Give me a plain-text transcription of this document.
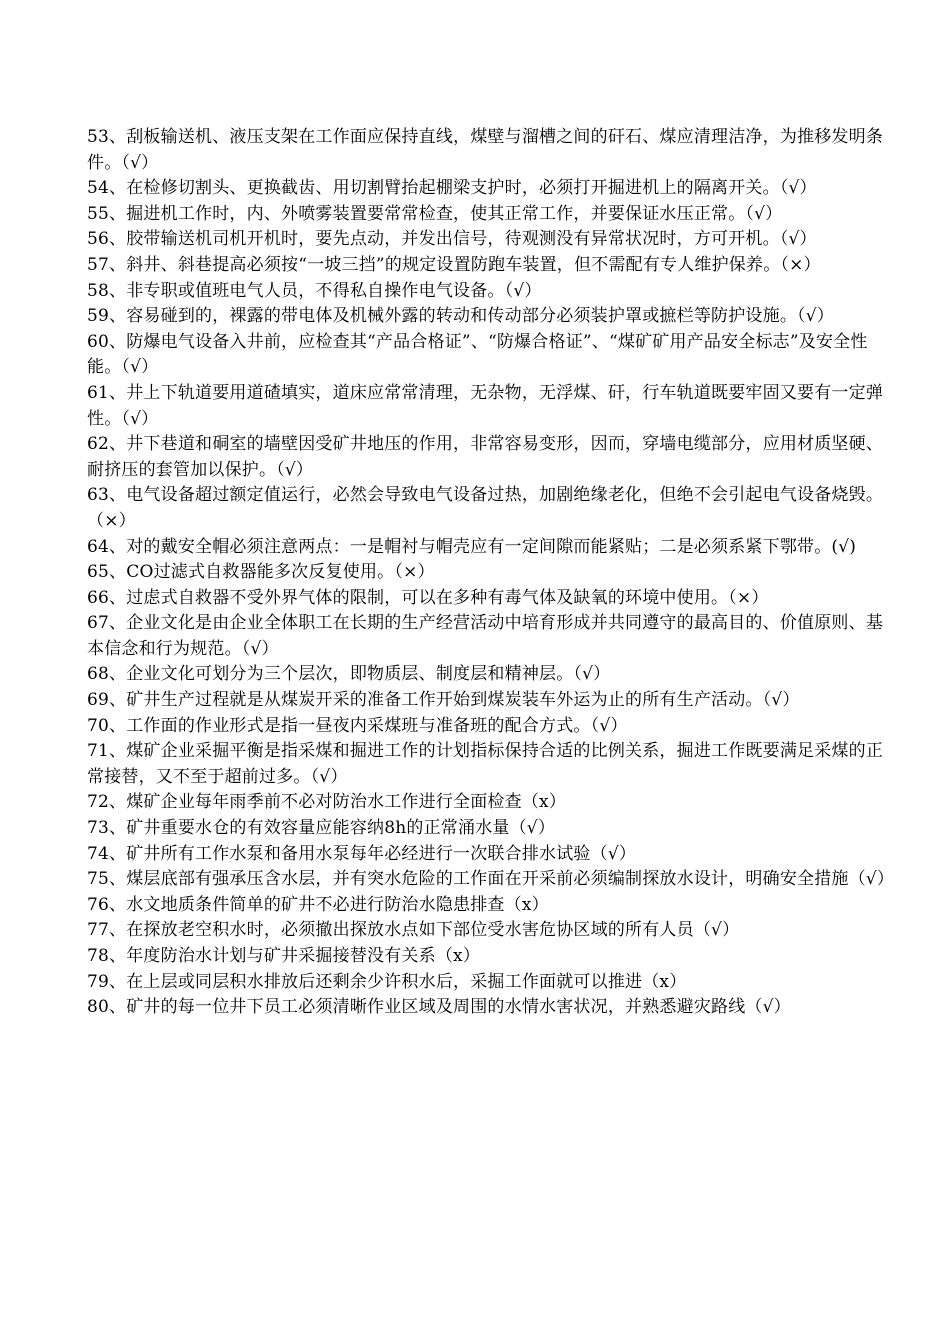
53、刮板输送机、液压支架在工作面应保持直线，煤壁与溜槽之间的矸石、煤应清理洁净，为推移发明条件。（√）

54、在检修切割头、更换截齿、用切割臂抬起棚梁支护时，必须打开掘进机上的隔离开关。（√）

55、掘进机工作时，内、外喷雾装置要常常检查，使其正常工作，并要保证水压正常。（√）

56、胶带输送机司机开机时，要先点动，并发出信号，待观测没有异常状况时，方可开机。（√）

57、斜井、斜巷提高必须按“一坡三挡”的规定设置防跑车装置，但不需配有专人维护保养。（×）

58、非专职或值班电气人员，不得私自操作电气设备。（√）

59、容易碰到的，裸露的带电体及机械外露的转动和传动部分必须装护罩或摭栏等防护设施。（√）

60、防爆电气设备入井前，应检查其“产品合格证”、“防爆合格证”、“煤矿矿用产品安全标志”及安全性能。（√）

61、井上下轨道要用道碴填实，道床应常常清理，无杂物，无浮煤、矸，行车轨道既要牢固又要有一定弹性。（√）

62、井下巷道和硐室的墙壁因受矿井地压的作用，非常容易变形，因而，穿墙电缆部分，应用材质坚硬、耐挤压的套管加以保护。（√）

63、电气设备超过额定值运行，必然会导致电气设备过热，加剧绝缘老化，但绝不会引起电气设备烧毁。（×）

64、对的戴安全帽必须注意两点：一是帽衬与帽壳应有一定间隙而能紧贴；二是必须系紧下鄂带。(√)

65、CO过滤式自救器能多次反复使用。（×）

66、过虑式自救器不受外界气体的限制，可以在多种有毒气体及缺氧的环境中使用。（×）

67、企业文化是由企业全体职工在长期的生产经营活动中培育形成并共同遵守的最高目的、价值原则、基本信念和行为规范。（√）

68、企业文化可划分为三个层次，即物质层、制度层和精神层。（√）

69、矿井生产过程就是从煤炭开采的准备工作开始到煤炭装车外运为止的所有生产活动。（√）

70、工作面的作业形式是指一昼夜内采煤班与准备班的配合方式。（√）

71、煤矿企业采掘平衡是指采煤和掘进工作的计划指标保持合适的比例关系，掘进工作既要满足采煤的正常接替，又不至于超前过多。（√）

72、煤矿企业每年雨季前不必对防治水工作进行全面检查（x）

73、矿井重要水仓的有效容量应能容纳8h的正常涌水量（√）

74、矿井所有工作水泵和备用水泵每年必经进行一次联合排水试验（√）

75、煤层底部有强承压含水层，并有突水危险的工作面在开采前必须编制探放水设计，明确安全措施（√）

76、水文地质条件简单的矿井不必进行防治水隐患排查（x）

77、在探放老空积水时，必须撤出探放水点如下部位受水害危协区域的所有人员（√）

78、年度防治水计划与矿井采掘接替没有关系（x）

79、在上层或同层积水排放后还剩余少许积水后，采掘工作面就可以推进（x）

80、矿井的每一位井下员工必须清晰作业区域及周围的水情水害状况，并熟悉避灾路线（√）
